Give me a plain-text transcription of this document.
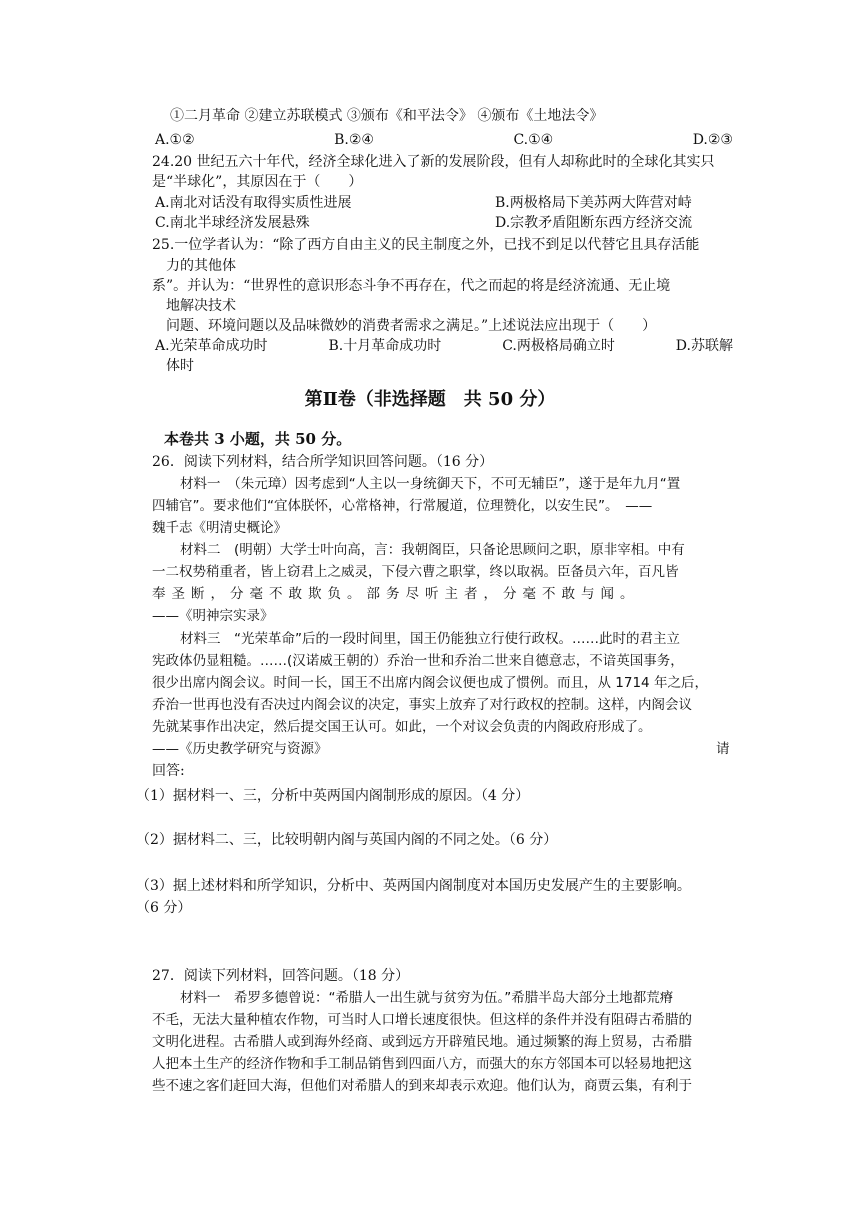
①二月革命 ②建立苏联模式 ③颁布《和平法令》 ④颁布《土地法令》
A.①②	B.②④	C.①④	D.②③
24.20 世纪五六十年代，经济全球化进入了新的发展阶段，但有人却称此时的全球化其实只
是“半球化”，其原因在于（　　）
A.南北对话没有取得实质性进展	B.两极格局下美苏两大阵营对峙
C.南北半球经济发展悬殊	D.宗教矛盾阻断东西方经济交流
25.一位学者认为：“除了西方自由主义的民主制度之外，已找不到足以代替它且具存活能
力的其他体
系”。并认为：“世界性的意识形态斗争不再存在，代之而起的将是经济流通、无止境
地解决技术
问题、环境问题以及品味微妙的消费者需求之满足。”上述说法应出现于（　　）
A.光荣革命成功时	B.十月革命成功时	C.两极格局确立时	D.苏联解
体时
第Ⅱ卷（非选择题　共 50 分）
本卷共 3 小题，共 50 分。
26．阅读下列材料，结合所学知识回答问题。（16 分）
材料一　（朱元璋）因考虑到“人主以一身统御天下，不可无辅臣”，遂于是年九月“置
四辅官”。要求他们“宜体朕怀，心常格神，行常履道，位理赞化，以安生民”。　——
魏千志《明清史概论》
材料二　(明朝）大学士叶向高，言：我朝阁臣，只备论思顾问之职，原非宰相。中有
一二权势稍重者，皆上窃君上之威灵，下侵六曹之职掌，终以取祸。臣备员六年，百凡皆
奉圣断，分毫不敢欺负。部务尽听主者，分毫不敢与闻。
——《明神宗实录》
材料三　“光荣革命”后的一段时间里，国王仍能独立行使行政权。……此时的君主立
宪政体仍显粗糙。……(汉诺威王朝的）乔治一世和乔治二世来自德意志，不谙英国事务，
很少出席内阁会议。时间一长，国王不出席内阁会议便也成了惯例。而且，从 1714 年之后，
乔治一世再也没有否决过内阁会议的决定，事实上放弃了对行政权的控制。这样，内阁会议
先就某事作出决定，然后提交国王认可。如此，一个对议会负责的内阁政府形成了。
——《历史教学研究与资源》	请
回答:
（1）据材料一、三，分析中英两国内阁制形成的原因。（4 分）
（2）据材料二、三，比较明朝内阁与英国内阁的不同之处。（6 分）
（3）据上述材料和所学知识，分析中、英两国内阁制度对本国历史发展产生的主要影响。
（6 分）
27．阅读下列材料，回答问题。（18 分）
材料一　希罗多德曾说：“希腊人一出生就与贫穷为伍。”希腊半岛大部分土地都荒瘠
不毛，无法大量种植农作物，可当时人口增长速度很快。但这样的条件并没有阻碍古希腊的
文明化进程。古希腊人或到海外经商、或到远方开辟殖民地。通过频繁的海上贸易，古希腊
人把本土生产的经济作物和手工制品销售到四面八方，而强大的东方邻国本可以轻易地把这
些不速之客们赶回大海，但他们对希腊人的到来却表示欢迎。他们认为，商贾云集，有利于
